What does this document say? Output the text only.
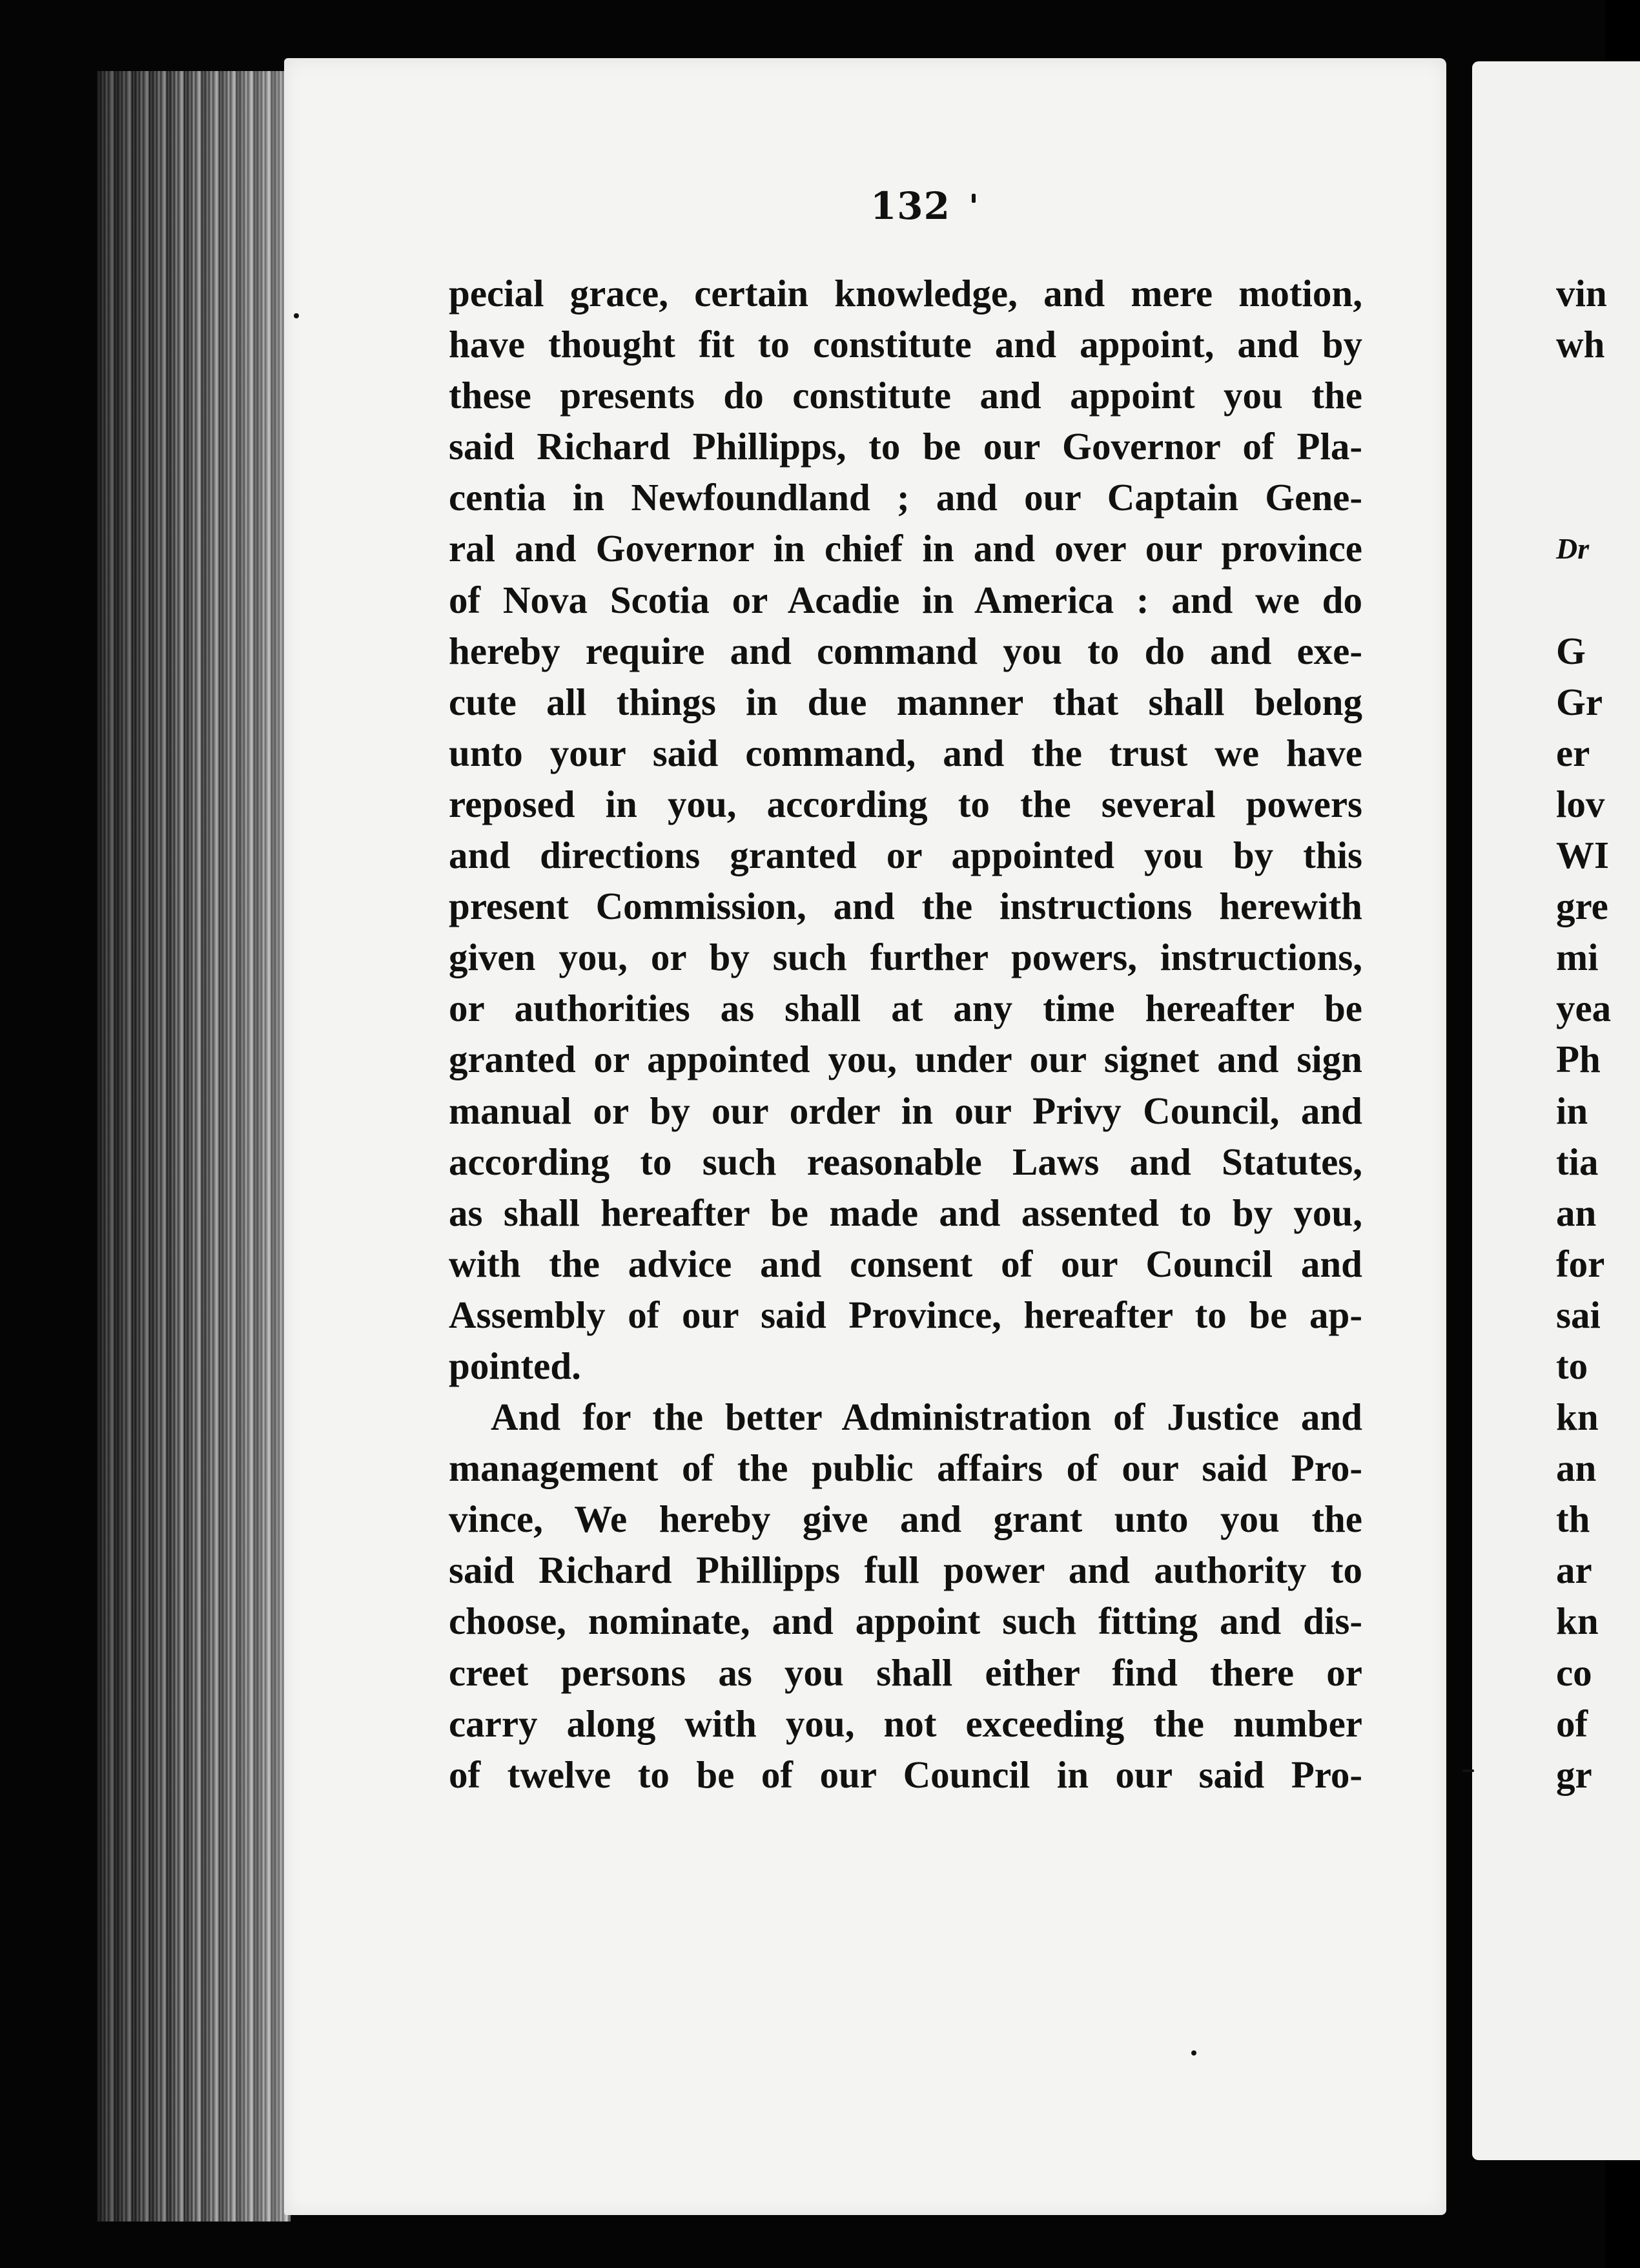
132
pecial grace, certain knowledge, and mere motion,
have thought fit to constitute and appoint, and by
these presents do constitute and appoint you the
said Richard Phillipps, to be our Governor of Pla-
centia in Newfoundland ; and our Captain Gene-
ral and Governor in chief in and over our province
of Nova Scotia or Acadie in America : and we do
hereby require and command you to do and exe-
cute all things in due manner that shall belong
unto your said command, and the trust we have
reposed in you, according to the several powers
and directions granted or appointed you by this
present Commission, and the instructions herewith
given you, or by such further powers, instructions,
or authorities as shall at any time hereafter be
granted or appointed you, under our signet and sign
manual or by our order in our Privy Council, and
according to such reasonable Laws and Statutes,
as shall hereafter be made and assented to by you,
with the advice and consent of our Council and
Assembly of our said Province, hereafter to be ap-
pointed.
And for the better Administration of Justice and
management of the public affairs of our said Pro-
vince, We hereby give and grant unto you the
said Richard Phillipps full power and authority to
choose, nominate, and appoint such fitting and dis-
creet persons as you shall either find there or
carry along with you, not exceeding the number
of twelve to be of our Council in our said Pro-
vin
wh
Dr
G
Gr
er
lov
WI
gre
mi
yea
Ph
in
tia
an
for
sai
to
kn
an
th
ar
kn
co
of
gr
